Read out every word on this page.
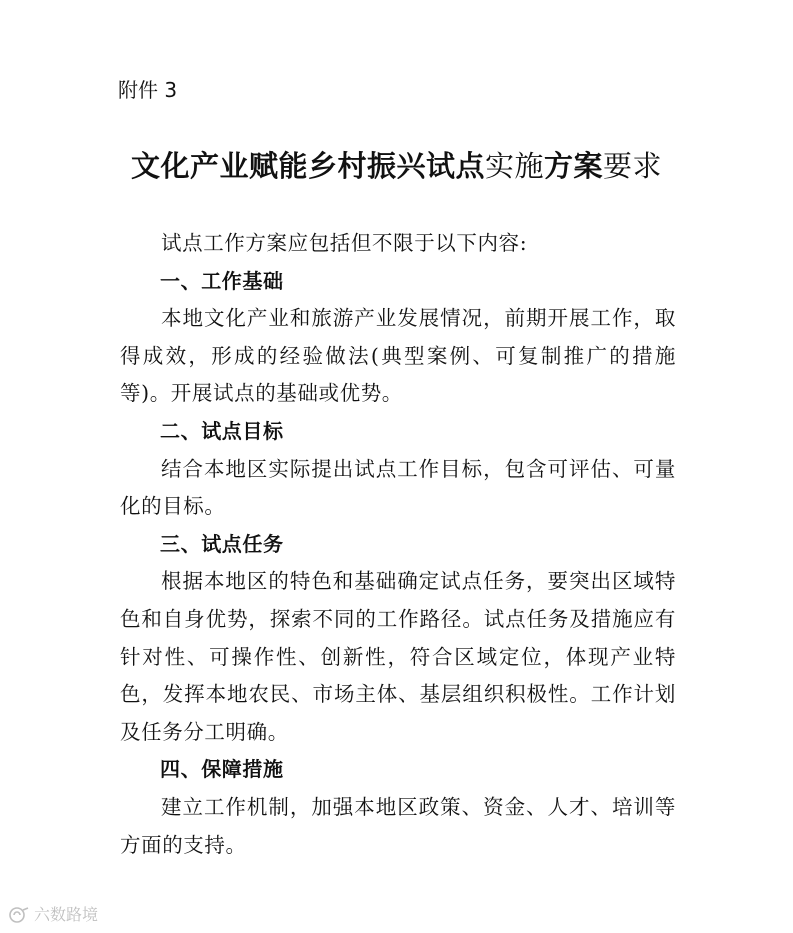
附件 3
文化产业赋能乡村振兴试点实施方案要求

试点工作方案应包括但不限于以下内容:

一、工作基础

本地文化产业和旅游产业发展情况，前期开展工作，取得成效，形成的经验做法(典型案例、可复制推广的措施等)。开展试点的基础或优势。

二、试点目标

结合本地区实际提出试点工作目标，包含可评估、可量化的目标。

三、试点任务

根据本地区的特色和基础确定试点任务，要突出区域特色和自身优势，探索不同的工作路径。试点任务及措施应有针对性、可操作性、创新性，符合区域定位，体现产业特色，发挥本地农民、市场主体、基层组织积极性。工作计划及任务分工明确。

四、保障措施

建立工作机制，加强本地区政策、资金、人才、培训等方面的支持。

六数路境
